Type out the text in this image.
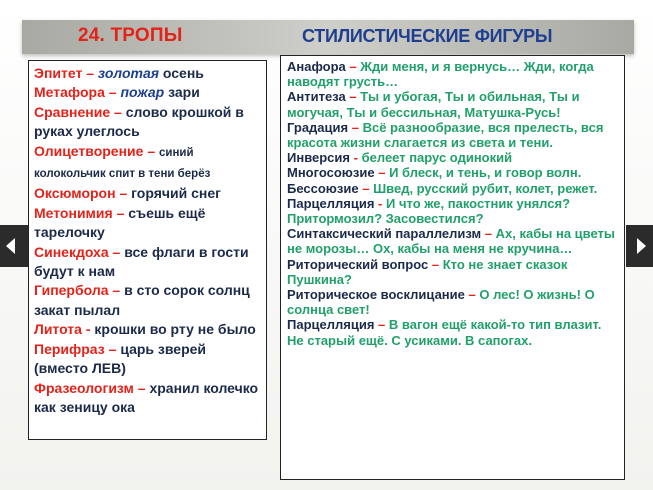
24. ТРОПЫ	СТИЛИСТИЧЕСКИЕ ФИГУРЫ
Эпитет – золотая осень
Метафора – пожар зари
Сравнение – слово крошкой в руках улеглось
Олицетворение – синий колокольчик спит в тени берёз
Оксюморон – горячий снег
Метонимия – съешь ещё тарелочку
Синекдоха – все флаги в гости будут к нам
Гипербола – в сто сорок солнц закат пылал
Литота - крошки во рту не было
Перифраз – царь зверей (вместо ЛЕВ)
Фразеологизм – хранил колечко как зеницу ока
Анафора – Жди меня, и я вернусь… Жди, когда наводят грусть…
Антитеза – Ты и убогая, Ты и обильная, Ты и могучая, Ты и бессильная, Матушка-Русь!
Градация – Всё разнообразие, вся прелесть, вся красота жизни слагается из света и тени.
Инверсия - белеет парус одинокий
Многосоюзие – И блеск, и тень, и говор волн.
Бессоюзие – Швед, русский рубит, колет, режет.
Парцелляция - И что же, пакостник унялся? Притормозил? Засовестился?
Синтаксический параллелизм – Ах, кабы на цветы не морозы… Ох, кабы на меня не кручина…
Риторический вопрос – Кто не знает сказок Пушкина?
Риторическое восклицание – О лес! О жизнь! О солнца свет!
Парцелляция – В вагон ещё какой-то тип влазит. Не старый ещё. С усиками. В сапогах.
